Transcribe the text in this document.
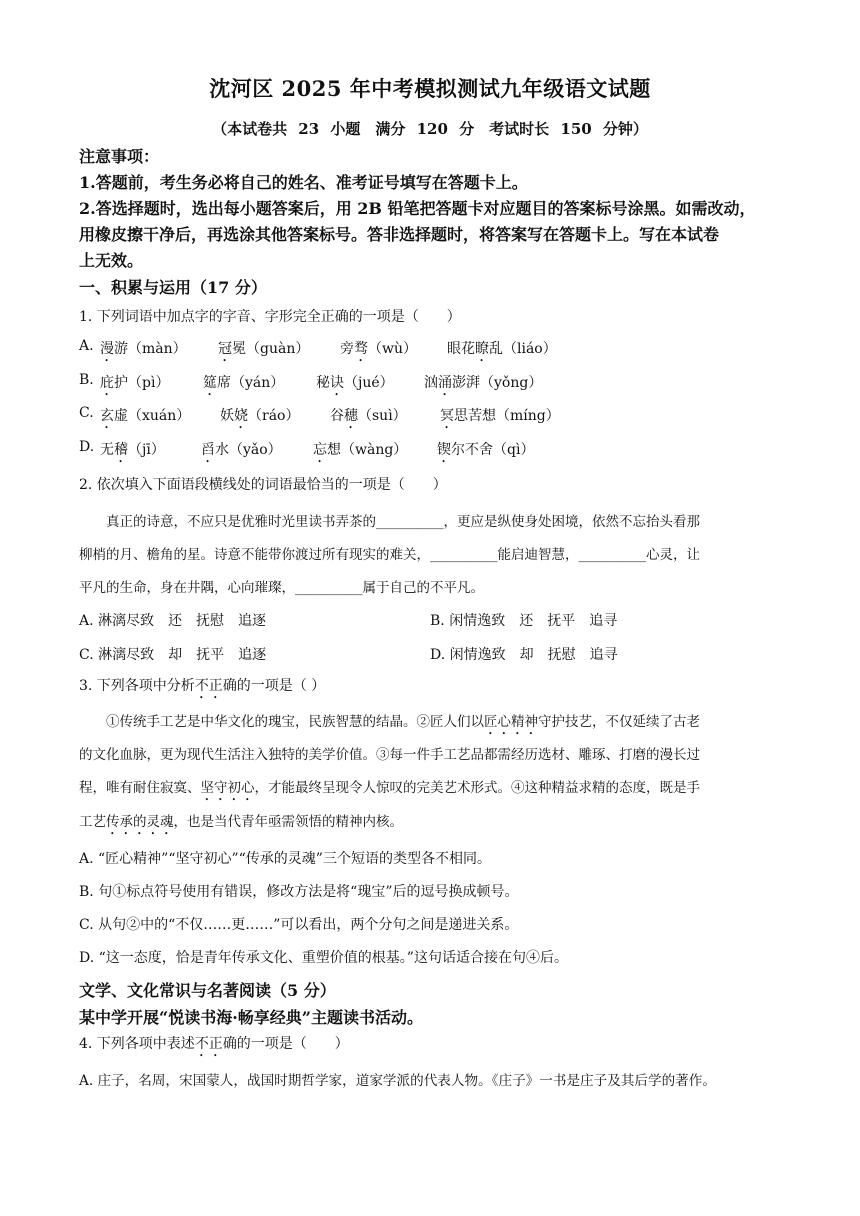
沈河区 2025 年中考模拟测试九年级语文试题
（本试卷共 23 小题　满分 120 分　考试时长 150 分钟）
注意事项：
1.答题前，考生务必将自己的姓名、准考证号填写在答题卡上。
2.答选择题时，选出每小题答案后，用 2B 铅笔把答题卡对应题目的答案标号涂黑。如需改动，
用橡皮擦干净后，再选涂其他答案标号。答非选择题时，将答案写在答题卡上。写在本试卷
上无效。
一、积累与运用（17 分）
1. 下列词语中加点字的字音、字形完全正确的一项是（　　）
A. 漫游（màn） 冠冕（guàn） 旁骛（wù） 眼花瞭乱（liáo）
B. 庇护（pì） 筵席（yán） 秘诀（jué） 汹涌澎湃（yǒng）
C. 玄虚（xuán） 妖娆（ráo） 谷穗（suì） 冥思苦想（míng）
D. 无稽（jī）	舀水（yǎo） 忘想（wàng） 锲尔不舍（qì）
2. 依次填入下面语段横线处的词语最恰当的一项是（　　）
　　真正的诗意，不应只是优雅时光里读书弄茶的__________，更应是纵使身处困境，依然不忘抬头看那
柳梢的月、檐角的星。诗意不能带你渡过所有现实的难关，__________能启迪智慧，__________心灵，让
平凡的生命，身在井隅，心向璀璨，__________属于自己的不平凡。
A. 淋漓尽致　还　抚慰　追逐	B. 闲情逸致　还　抚平　追寻
C. 淋漓尽致　却　抚平　追逐	D. 闲情逸致　却　抚慰　追寻
3. 下列各项中分析不正确的一项是（ ）
　　①传统手工艺是中华文化的瑰宝，民族智慧的结晶。②匠人们以匠心精神守护技艺，不仅延续了古老
的文化血脉，更为现代生活注入独特的美学价值。③每一件手工艺品都需经历选材、雕琢、打磨的漫长过
程，唯有耐住寂寞、坚守初心，才能最终呈现令人惊叹的完美艺术形式。④这种精益求精的态度，既是手
工艺传承的灵魂，也是当代青年亟需领悟的精神内核。
A. “匠心精神”“坚守初心”“传承的灵魂”三个短语的类型各不相同。
B. 句①标点符号使用有错误，修改方法是将“瑰宝”后的逗号换成顿号。
C. 从句②中的“不仅……更……”可以看出，两个分句之间是递进关系。
D. “这一态度，恰是青年传承文化、重塑价值的根基。”这句话适合接在句④后。
文学、文化常识与名著阅读（5 分）
某中学开展“悦读书海·畅享经典”主题读书活动。
4. 下列各项中表述不正确的一项是（　　）
A. 庄子，名周，宋国蒙人，战国时期哲学家，道家学派的代表人物。《庄子》一书是庄子及其后学的著作。
